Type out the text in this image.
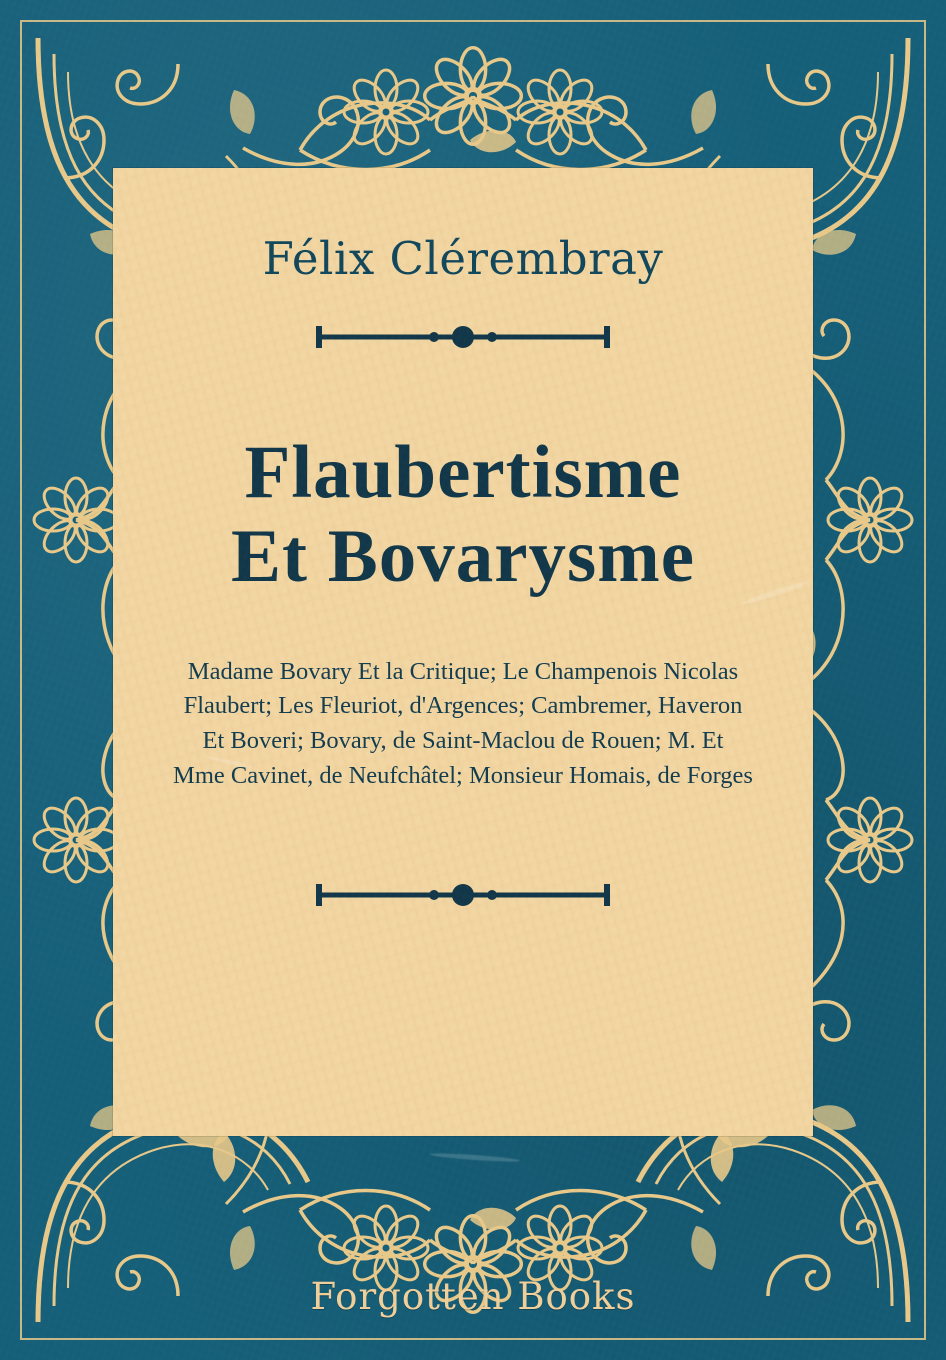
Félix Clérembray
Flaubertisme
Et Bovarysme
Madame Bovary Et la Critique; Le Champenois Nicolas
Flaubert; Les Fleuriot, d'Argences; Cambremer, Haveron
Et Boveri; Bovary, de Saint-Maclou de Rouen; M. Et
Mme Cavinet, de Neufchâtel; Monsieur Homais, de Forges
Forgotten Books
